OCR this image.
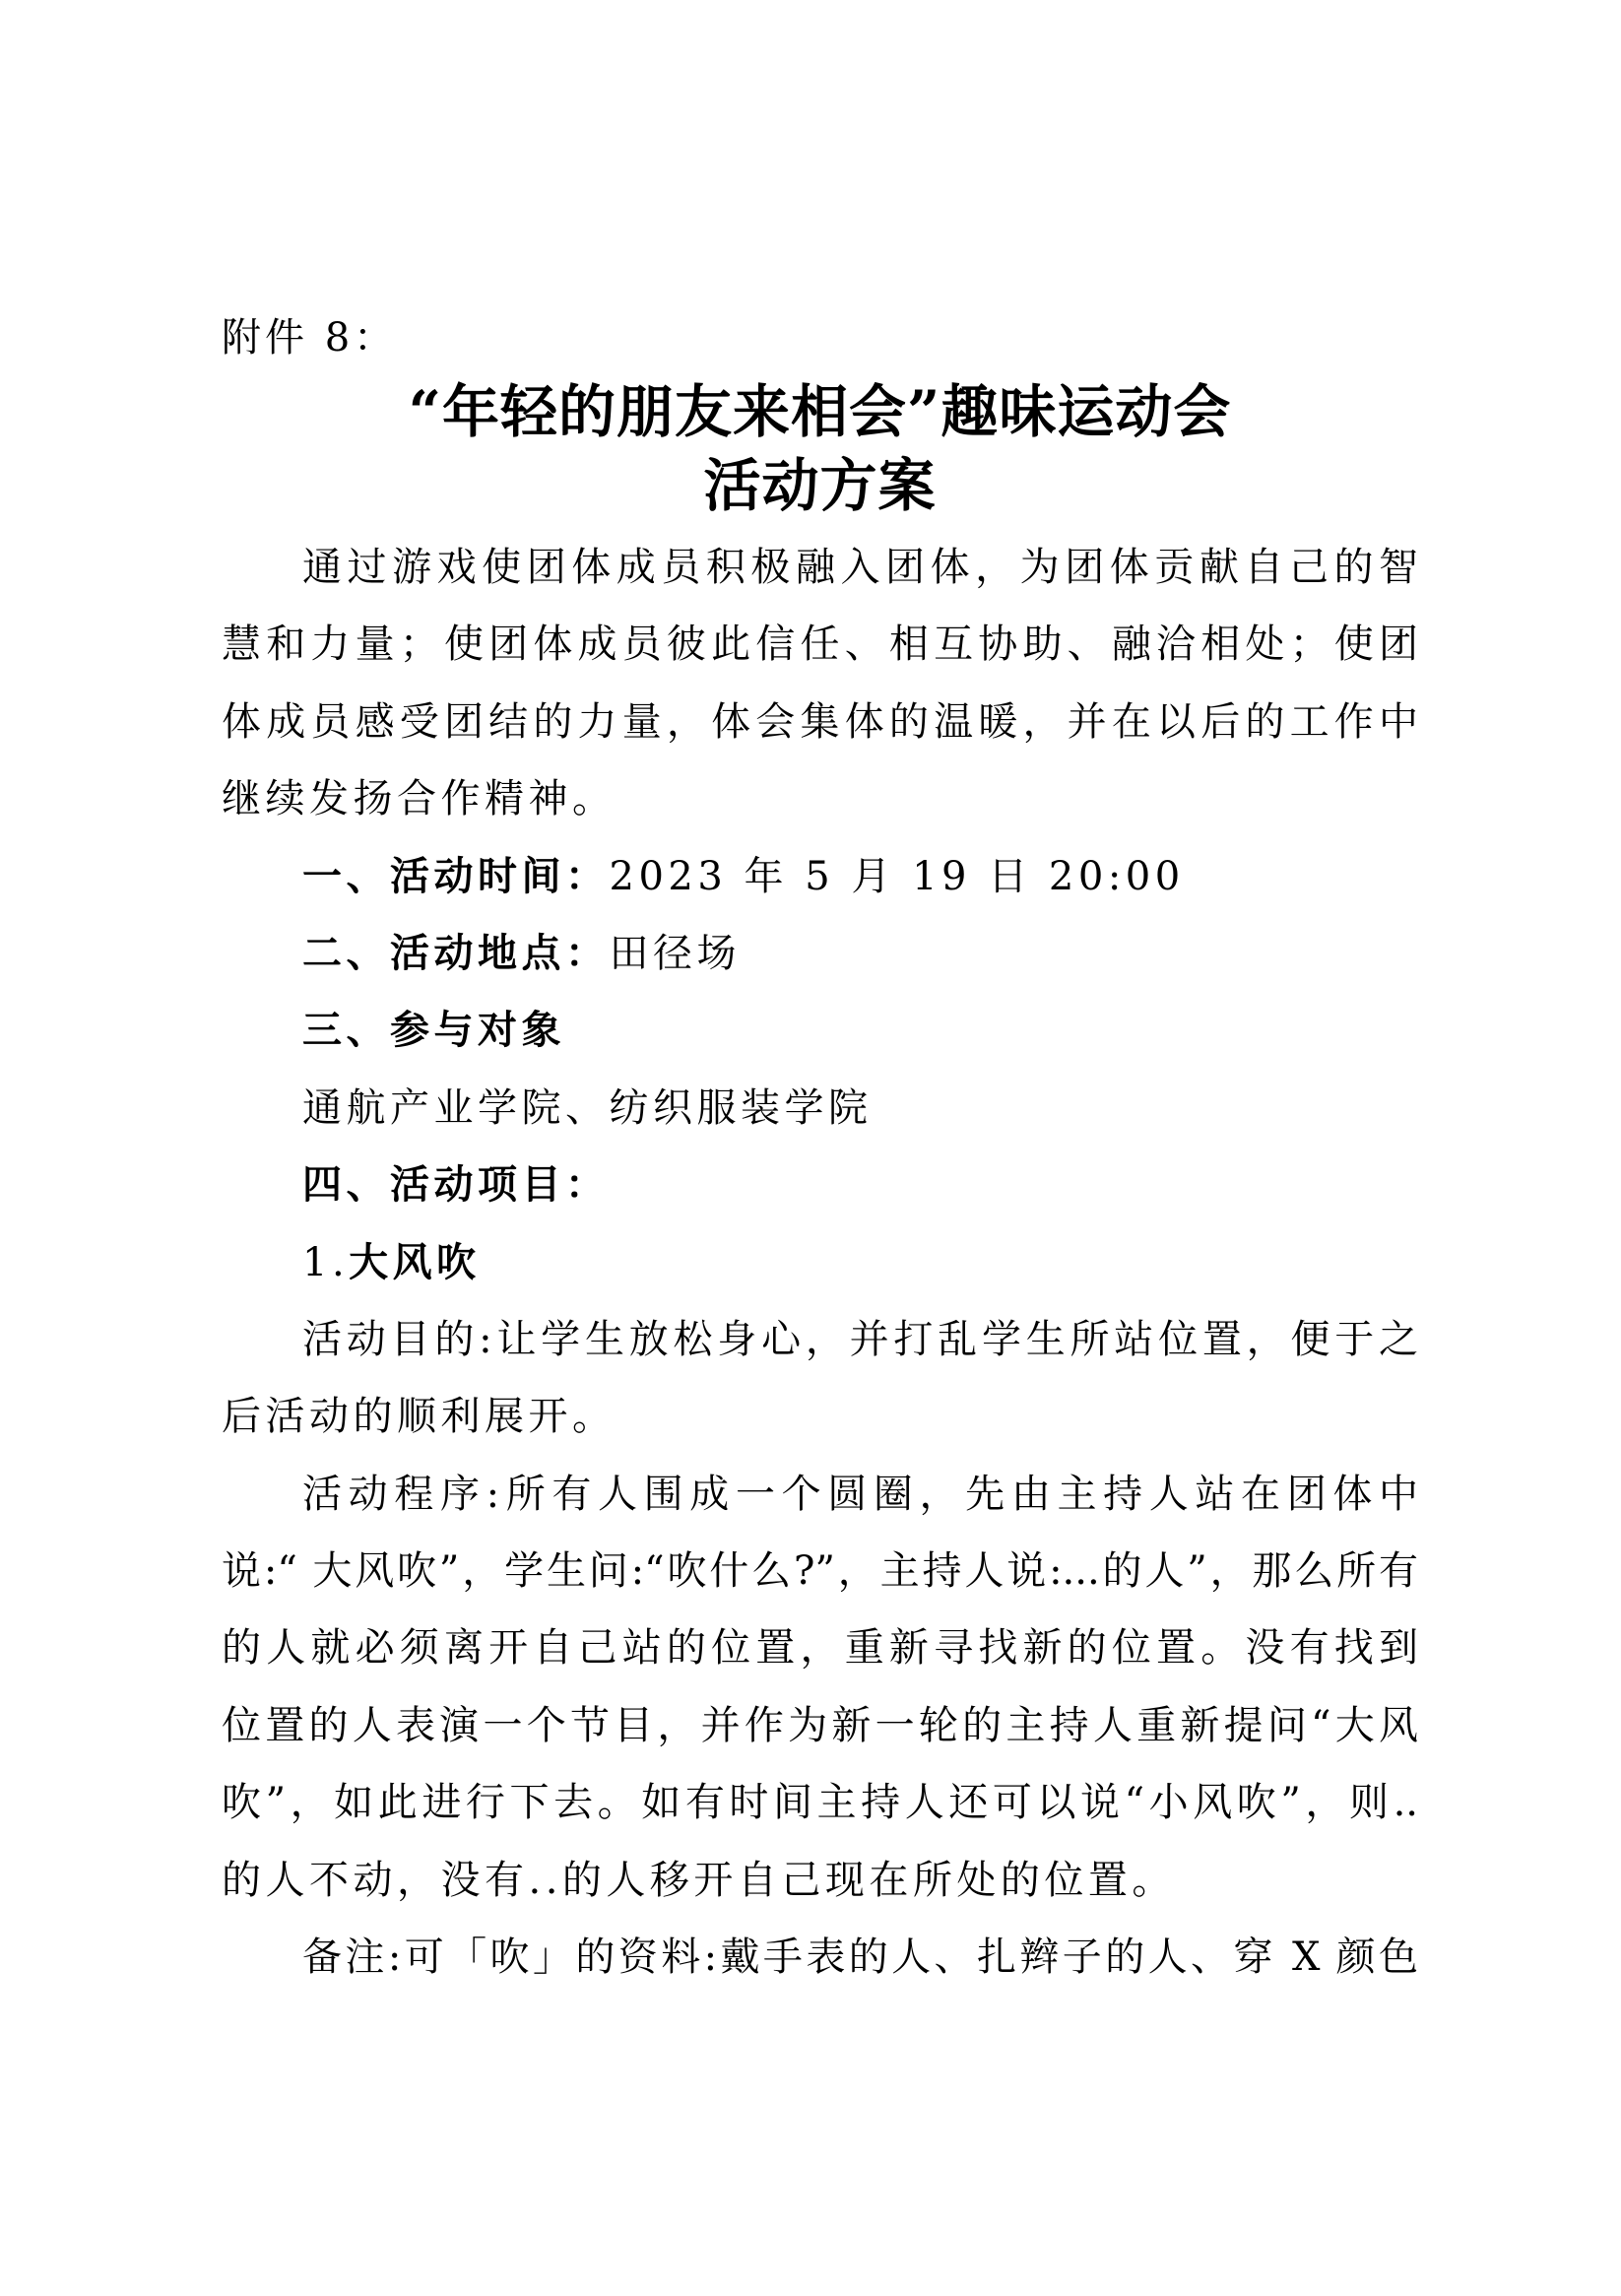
附件 8：
“年轻的朋友来相会”趣味运动会
活动方案
通过游戏使团体成员积极融入团体，为团体贡献自己的智
慧和力量；使团体成员彼此信任、相互协助、融洽相处；使团
体成员感受团结的力量，体会集体的温暖，并在以后的工作中
继续发扬合作精神。
一、活动时间：2023 年 5 月 19 日 20:00
二、活动地点：田径场
三、参与对象
通航产业学院、纺织服装学院
四、活动项目：
1.大风吹
活动目的:让学生放松身心，并打乱学生所站位置，便于之
后活动的顺利展开。
活动程序:所有人围成一个圆圈，先由主持人站在团体中
说:“ 大风吹”，学生问:“吹什么?”，主持人说:...的人”，那么所有
的人就必须离开自己站的位置，重新寻找新的位置。没有找到
位置的人表演一个节目，并作为新一轮的主持人重新提问“大风
吹”，如此进行下去。如有时间主持人还可以说“小风吹”，则..
的人不动，没有..的人移开自己现在所处的位置。
备注:可「吹」的资料:戴手表的人、扎辫子的人、穿 X 颜色
